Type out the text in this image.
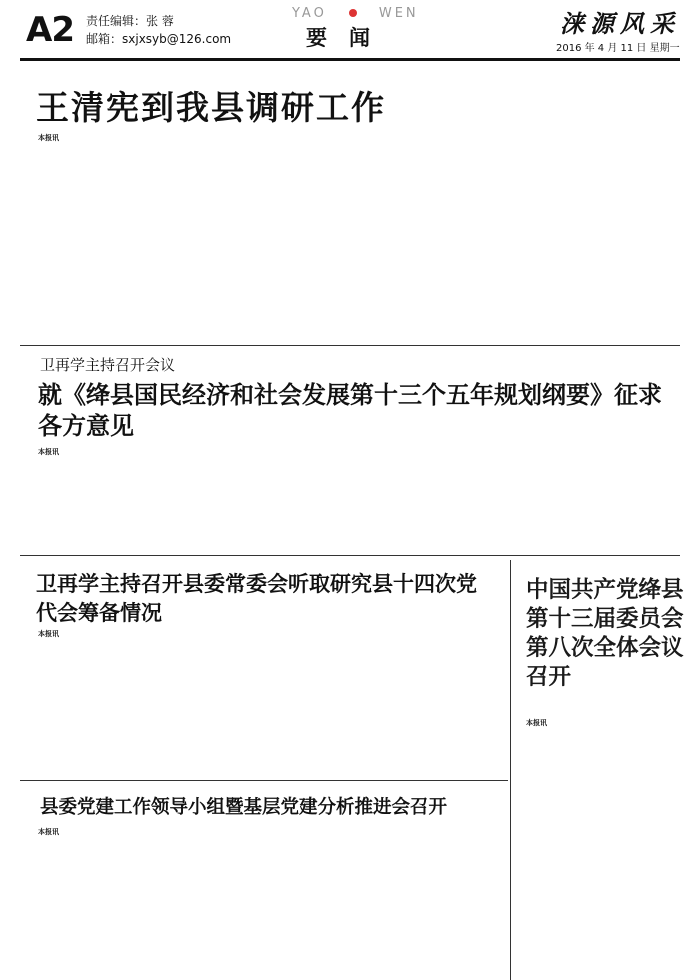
A2 责任编辑：张 蓉
邮箱：sxjxsyb@126.com
YAO	WEN
要闻	涞源风采
2016 年 4 月 11 日 星期一
王清宪到我县调研工作
本报讯
卫再学主持召开会议
就《绛县国民经济和社会发展第十三个五年规划纲要》征求各方意见
本报讯
卫再学主持召开县委常委会听取研究县十四次党代会筹备情况
本报讯
中国共产党绛县第十三届委员会第八次全体会议召开
本报讯
县委党建工作领导小组暨基层党建分析推进会召开
本报讯
